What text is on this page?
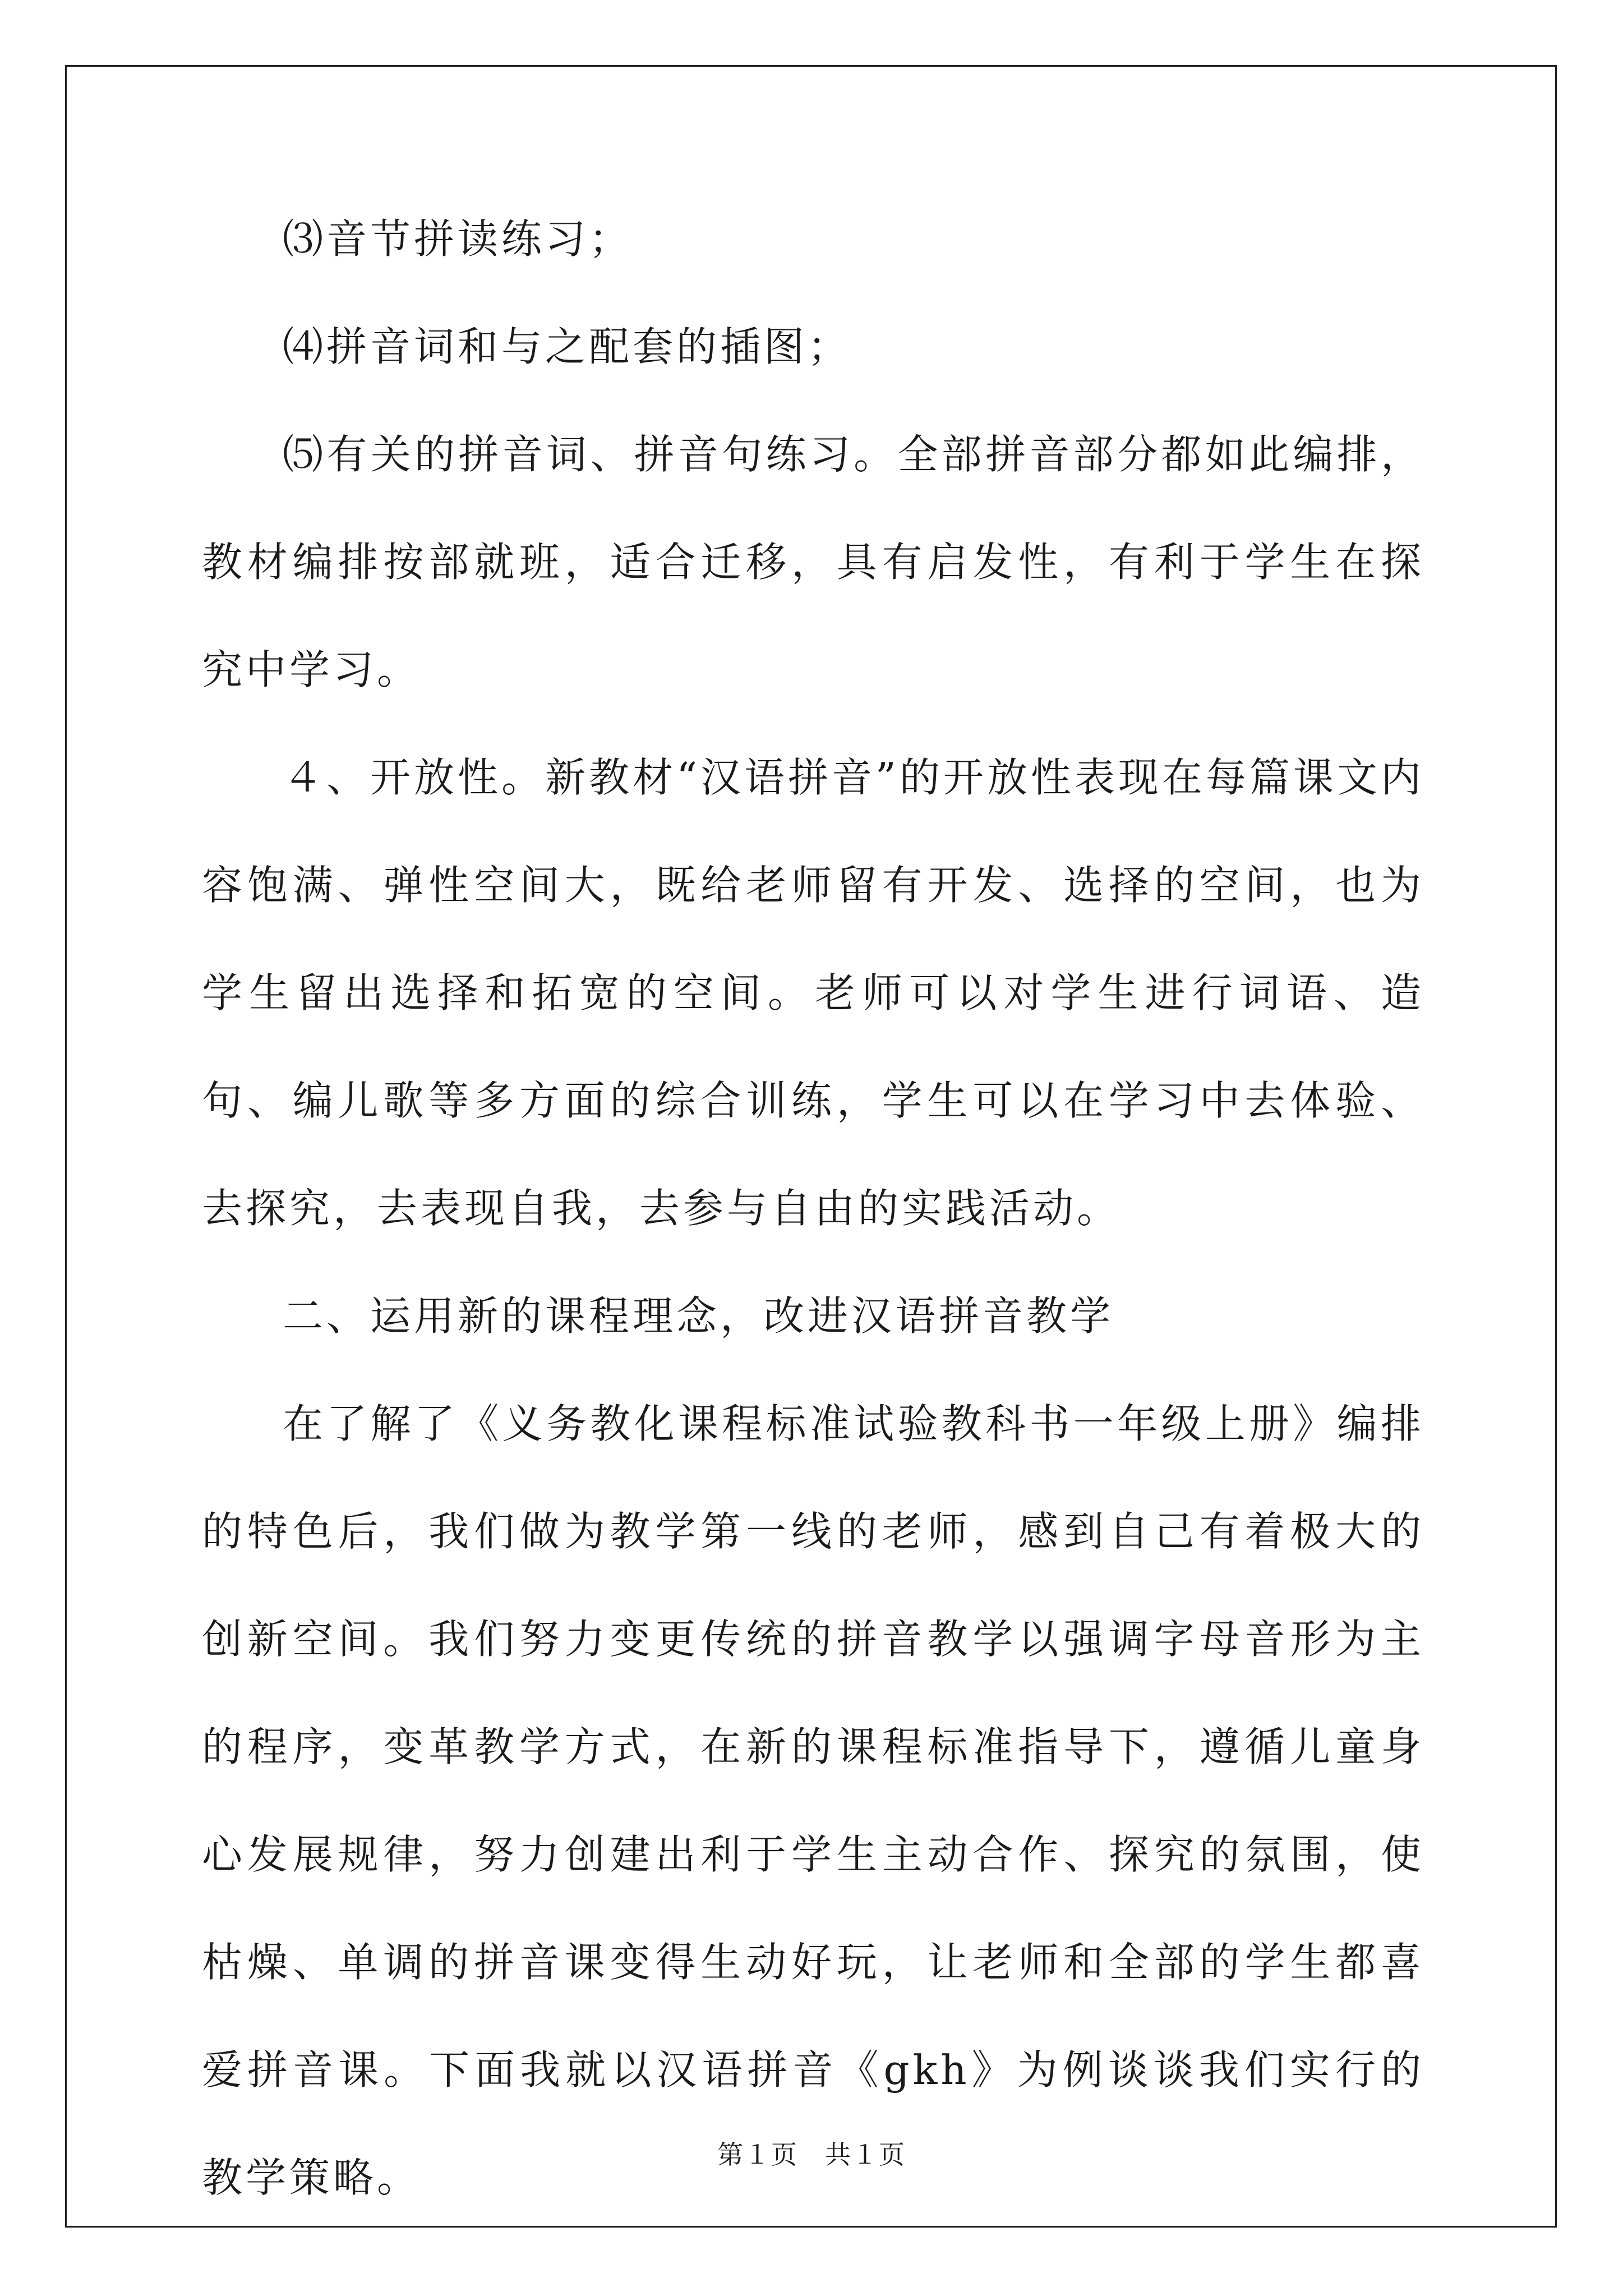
⑶音节拼读练习；

⑷拼音词和与之配套的插图；

⑸有关的拼音词、拼音句练习。全部拼音部分都如此编排，教材编排按部就班，适合迁移，具有启发性，有利于学生在探究中学习。

４、开放性。新教材“汉语拼音”的开放性表现在每篇课文内容饱满、弹性空间大，既给老师留有开发、选择的空间，也为学生留出选择和拓宽的空间。老师可以对学生进行词语、造句、编儿歌等多方面的综合训练，学生可以在学习中去体验、去探究，去表现自我，去参与自由的实践活动。

二、运用新的课程理念，改进汉语拼音教学

在了解了《义务教化课程标准试验教科书一年级上册》编排的特色后，我们做为教学第一线的老师，感到自己有着极大的创新空间。我们努力变更传统的拼音教学以强调字母音形为主的程序，变革教学方式，在新的课程标准指导下，遵循儿童身心发展规律，努力创建出利于学生主动合作、探究的氛围，使枯燥、单调的拼音课变得生动好玩，让老师和全部的学生都喜爱拼音课。下面我就以汉语拼音《gkh》为例谈谈我们实行的教学策略。	第１页　共１页
